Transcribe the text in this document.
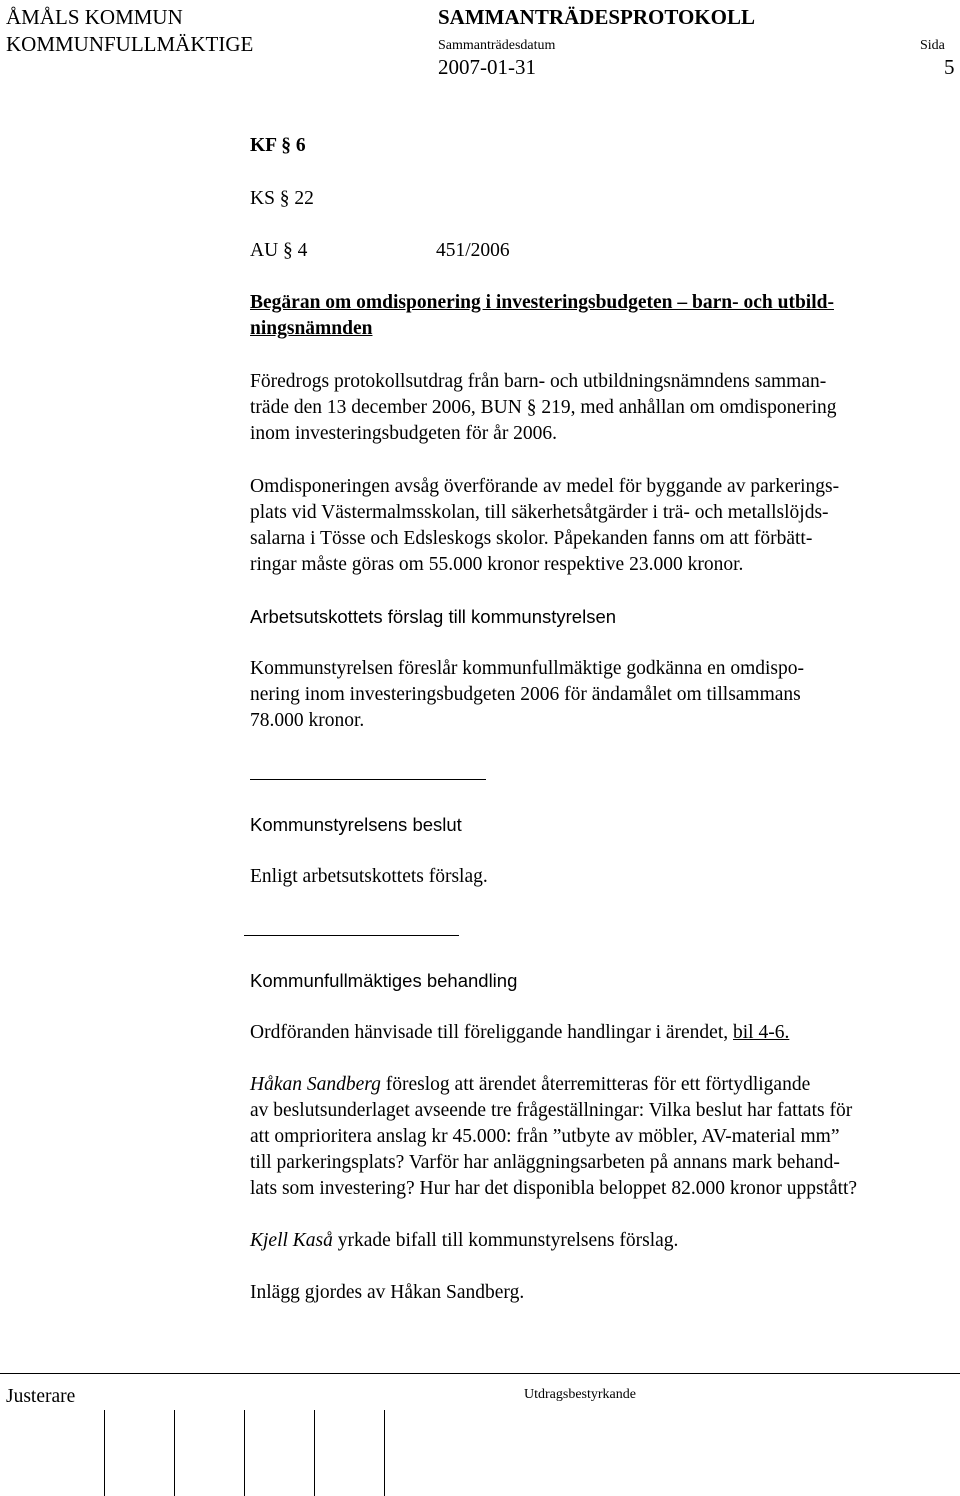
ÅMÅLS KOMMUN
KOMMUNFULLMÄKTIGE
SAMMANTRÄDESPROTOKOLL
Sammanträdesdatum	Sida
2007-01-31	5
KF § 6
KS § 22
AU § 4	451/2006
Begäran om omdisponering i investeringsbudgeten – barn- och utbild-
ningsnämnden
Föredrogs protokollsutdrag från barn- och utbildningsnämndens samman-
träde den 13 december 2006, BUN § 219, med anhållan om omdisponering
inom investeringsbudgeten för år 2006.
Omdisponeringen avsåg överförande av medel för byggande av parkerings-
plats vid Västermalmsskolan, till säkerhetsåtgärder i trä- och metallslöjds-
salarna i Tösse och Edsleskogs skolor. Påpekanden fanns om att förbätt-
ringar måste göras om 55.000 kronor respektive 23.000 kronor.
Arbetsutskottets förslag till kommunstyrelsen
Kommunstyrelsen föreslår kommunfullmäktige godkänna en omdispo-
nering inom investeringsbudgeten 2006 för ändamålet om tillsammans
78.000 kronor.
Kommunstyrelsens beslut
Enligt arbetsutskottets förslag.
Kommunfullmäktiges behandling
Ordföranden hänvisade till föreliggande handlingar i ärendet, bil 4-6.
Håkan Sandberg föreslog att ärendet återremitteras för ett förtydligande
av beslutsunderlaget avseende tre frågeställningar: Vilka beslut har fattats för
att omprioritera anslag kr 45.000: från ”utbyte av möbler, AV-material mm”
till parkeringsplats? Varför har anläggningsarbeten på annans mark behand-
lats som investering? Hur har det disponibla beloppet 82.000 kronor uppstått?
Kjell Kaså yrkade bifall till kommunstyrelsens förslag.
Inlägg gjordes av Håkan Sandberg.
Justerare	Utdragsbestyrkande
